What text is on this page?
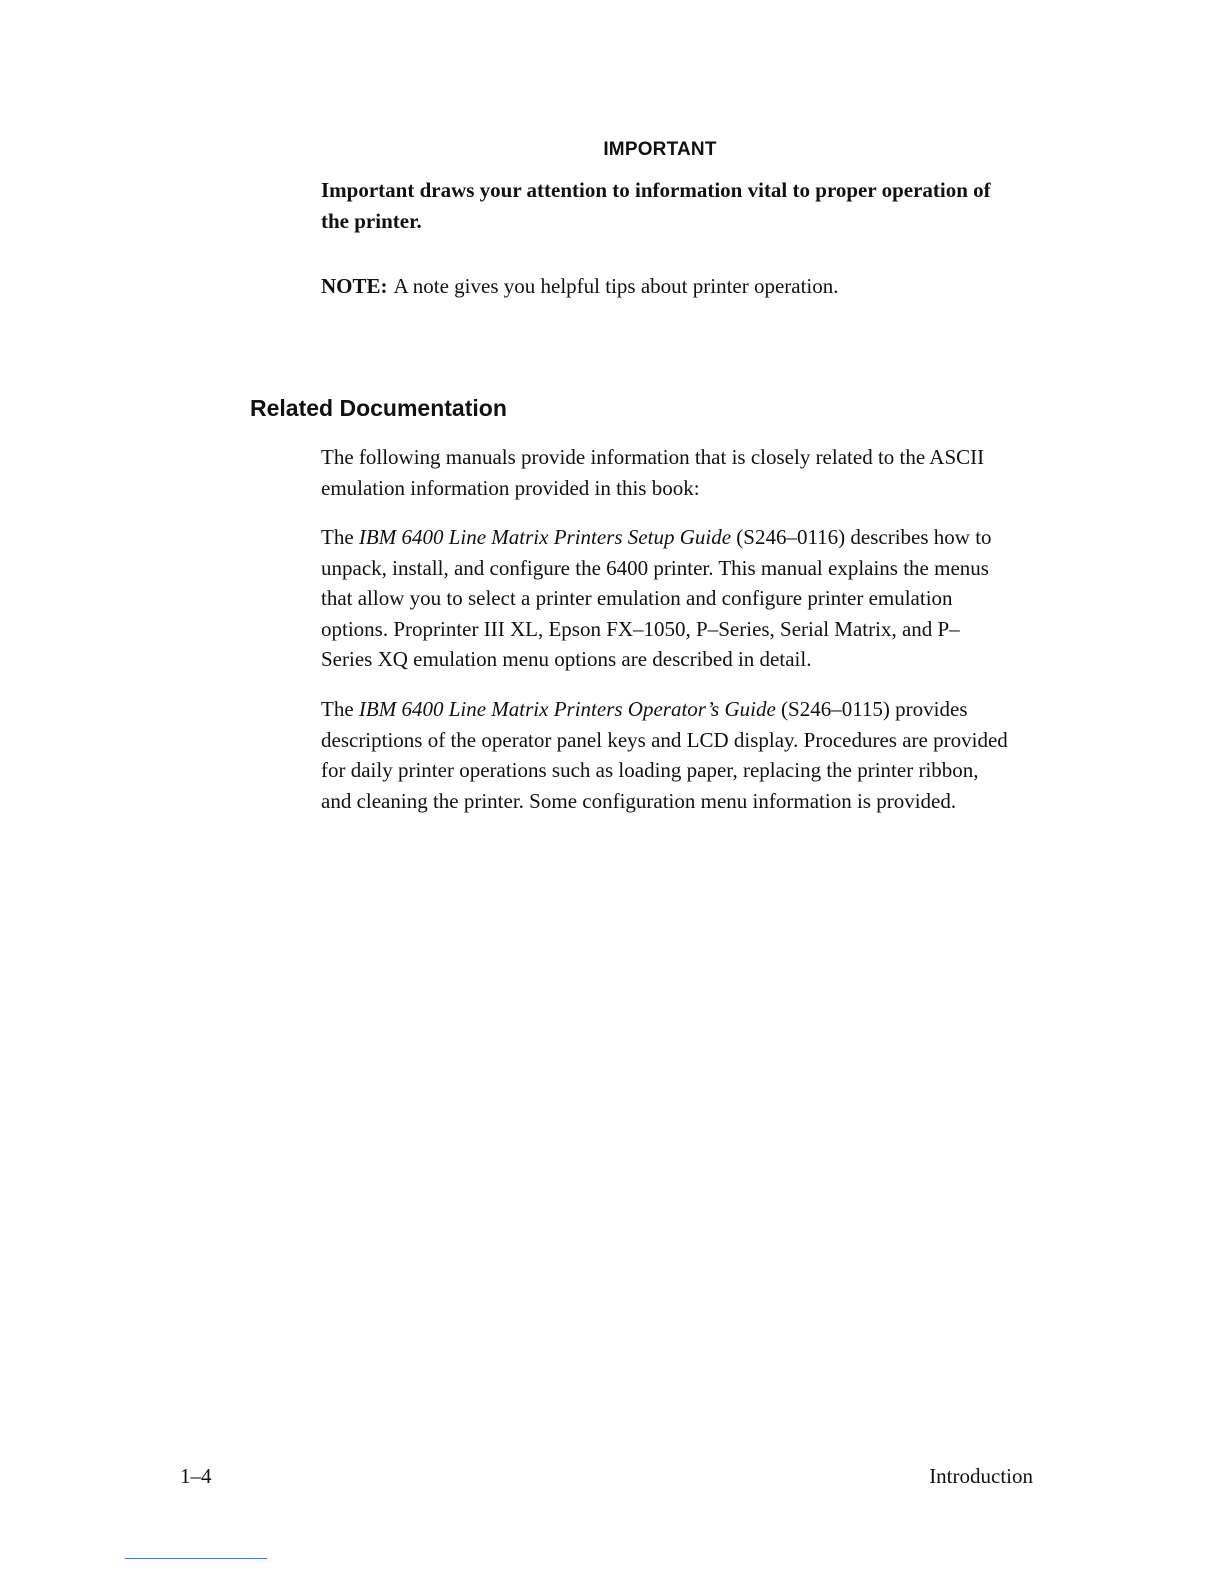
IMPORTANT

Important draws your attention to information vital to proper operation of the printer.

NOTE: A note gives you helpful tips about printer operation.

Related Documentation

The following manuals provide information that is closely related to the ASCII emulation information provided in this book:

The IBM 6400 Line Matrix Printers Setup Guide (S246–0116) describes how to unpack, install, and configure the 6400 printer. This manual explains the menus that allow you to select a printer emulation and configure printer emulation options. Proprinter III XL, Epson FX–1050, P–Series, Serial Matrix, and P–Series XQ emulation menu options are described in detail.

The IBM 6400 Line Matrix Printers Operator’s Guide (S246–0115) provides descriptions of the operator panel keys and LCD display. Procedures are provided for daily printer operations such as loading paper, replacing the printer ribbon, and cleaning the printer. Some configuration menu information is provided.

1–4	Introduction
